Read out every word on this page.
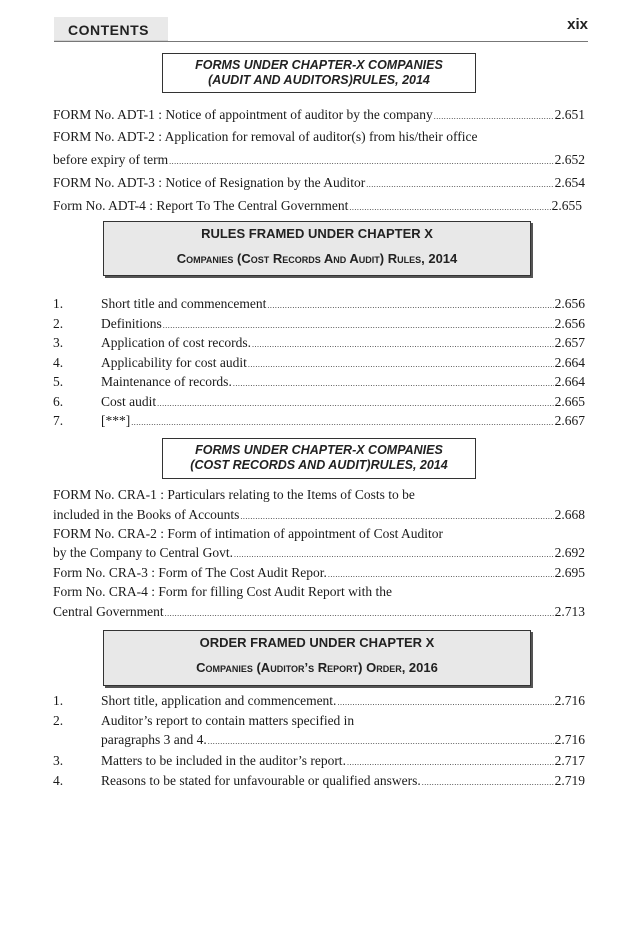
CONTENTS	xix
FORMS UNDER CHAPTER-X COMPANIES
(AUDIT AND AUDITORS)RULES, 2014
FORM No. ADT-1 : Notice of appointment of auditor by the company .....	2.651
FORM No. ADT-2 : Application for removal of auditor(s) from his/their office
before expiry of term .....	2.652
FORM No. ADT-3 : Notice of Resignation by the Auditor .....	2.654
Form No. ADT-4 : Report To The Central Government .....	2.655
RULES FRAMED UNDER CHAPTER X
Companies (Cost Records And Audit) Rules, 2014
1.	Short title and commencement .....	2.656
2.	Definitions .....	2.656
3.	Application of cost records. .....	2.657
4.	Applicability for cost audit .....	2.664
5.	Maintenance of records. .....	2.664
6.	Cost audit .....	2.665
7.	[***] .....	2.667
FORMS UNDER CHAPTER-X COMPANIES
(COST RECORDS AND AUDIT)RULES, 2014
FORM No. CRA-1 : Particulars relating to the Items of Costs to be
included in the Books of Accounts .....	2.668
FORM No. CRA-2 : Form of intimation of appointment of Cost Auditor
by the Company to Central Govt. .....	2.692
Form No. CRA-3 : Form of The Cost Audit Repor. .....	2.695
Form No. CRA-4 : Form for filling Cost Audit Report with the
Central Government .....	2.713
ORDER FRAMED UNDER CHAPTER X
Companies (Auditor’s Report) Order, 2016
1.	Short title, application and commencement. .....	2.716
2.	Auditor’s report to contain matters specified in
paragraphs 3 and 4. .....	2.716
3.	Matters to be included in the auditor’s report. .....	2.717
4.	Reasons to be stated for unfavourable or qualified answers. .....	2.719
